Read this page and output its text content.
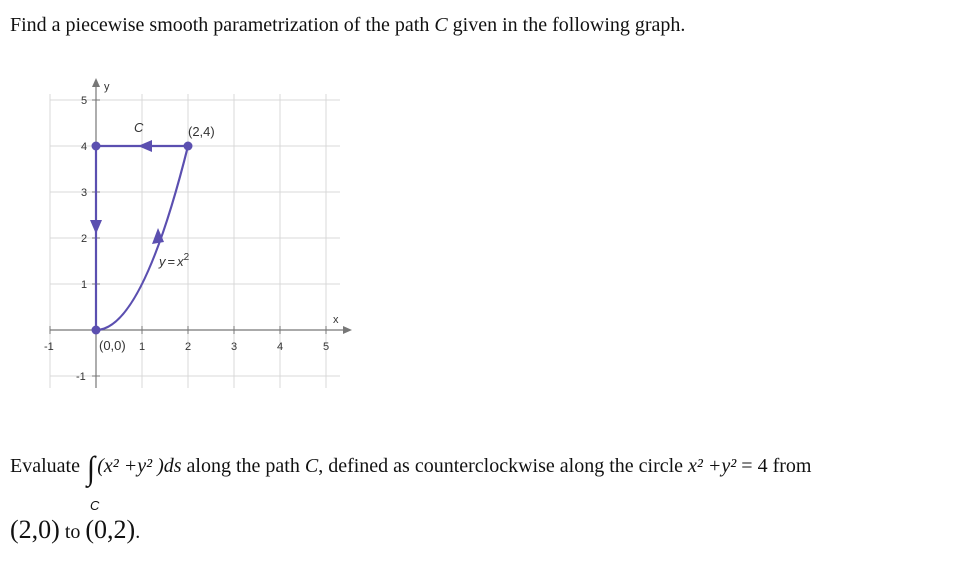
Find a piecewise smooth parametrization of the path C given in the following graph.
-1	1	2	3	4	5
5
4
3
2
1
-1
y
x
C	(2,4)
(0,0)
$y = x^2$
Evaluate ∫ (x² +y² )ds along the path C, defined as counterclockwise along the circle x² +y² = 4 from
C
(2,0) to (0,2).
